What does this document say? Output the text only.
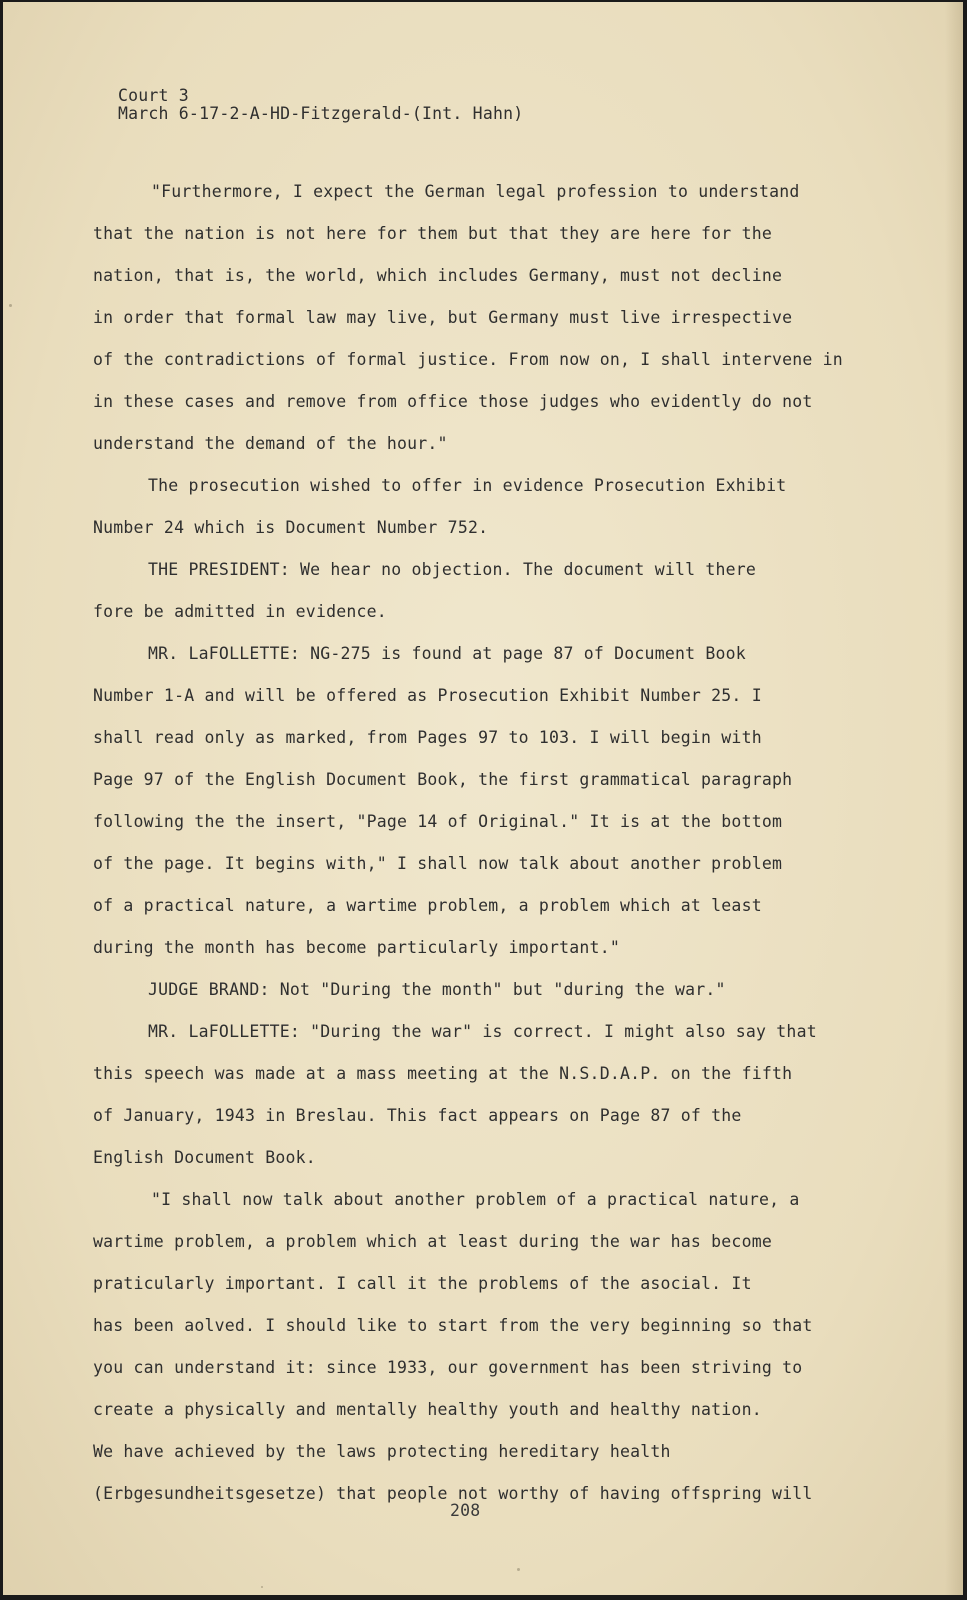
Court 3
March 6-17-2-A-HD-Fitzgerald-(Int. Hahn)
"Furthermore, I expect the German legal profession to understand
that the nation is not here for them but that they are here for the
nation, that is, the world, which includes Germany, must not decline
in order that formal law may live, but Germany must live irrespective
of the contradictions of formal justice. From now on, I shall intervene in
in these cases and remove from office those judges who evidently do not
understand the demand of the hour."
The prosecution wished to offer in evidence Prosecution Exhibit
Number 24 which is Document Number 752.
THE PRESIDENT: We hear no objection. The document will there
fore be admitted in evidence.
MR. LaFOLLETTE: NG-275 is found at page 87 of Document Book
Number 1-A and will be offered as Prosecution Exhibit Number 25. I
shall read only as marked, from Pages 97 to 103. I will begin with
Page 97 of the English Document Book, the first grammatical paragraph
following the the insert, "Page 14 of Original." It is at the bottom
of the page. It begins with," I shall now talk about another problem
of a practical nature, a wartime problem, a problem which at least
during the month has become particularly important."
JUDGE BRAND: Not "During the month" but "during the war."
MR. LaFOLLETTE: "During the war" is correct. I might also say that
this speech was made at a mass meeting at the N.S.D.A.P. on the fifth
of January, 1943 in Breslau. This fact appears on Page 87 of the
English Document Book.
"I shall now talk about another problem of a practical nature, a
wartime problem, a problem which at least during the war has become
praticularly important. I call it the problems of the asocial. It
has been aolved. I should like to start from the very beginning so that
you can understand it: since 1933, our government has been striving to
create a physically and mentally healthy youth and healthy nation.
We have achieved by the laws protecting hereditary health
(Erbgesundheitsgesetze) that people not worthy of having offspring will
208
